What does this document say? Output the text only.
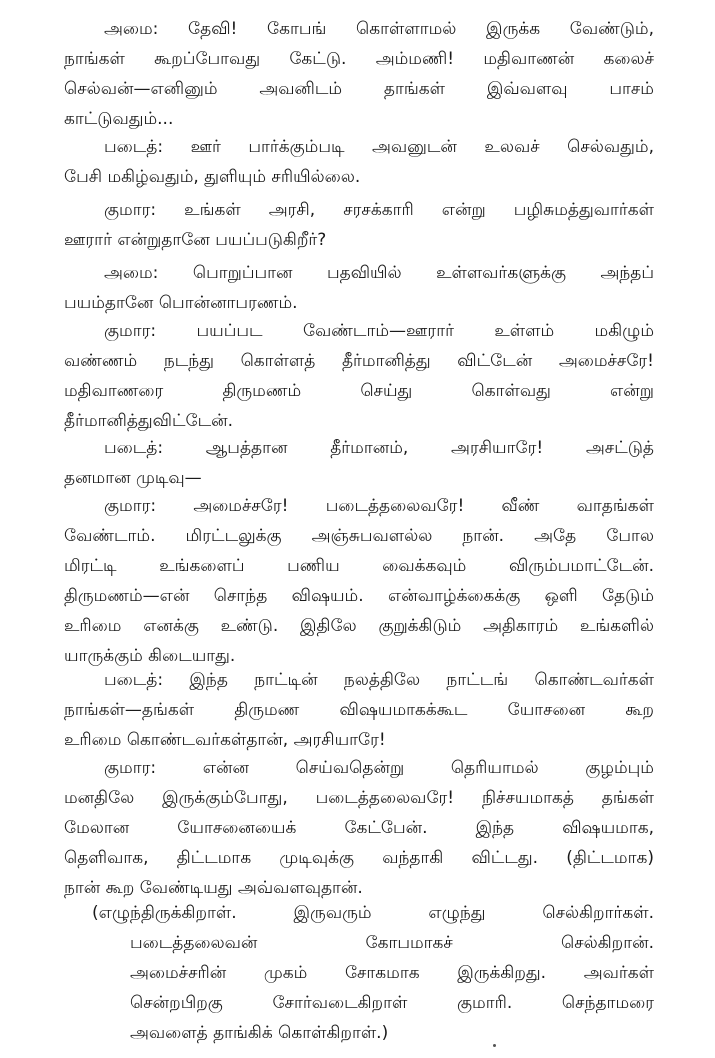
அமை: தேவி! கோபங் கொள்ளாமல் இருக்க வேண்டும்,
நாங்கள் கூறப்போவது கேட்டு. அம்மணி! மதிவாணன் கலைச்
செல்வன்—எனினும் அவனிடம் தாங்கள் இவ்வளவு பாசம்
காட்டுவதும்...

படைத்: ஊர் பார்க்கும்படி அவனுடன் உலவச் செல்வதும்,
பேசி மகிழ்வதும், துளியும் சரியில்லை.

குமார: உங்கள் அரசி, சரசக்காரி என்று பழிசுமத்துவார்கள்
ஊரார் என்றுதானே பயப்படுகிறீர்?

அமை: பொறுப்பான பதவியில் உள்ளவர்களுக்கு அந்தப்
பயம்தானே பொன்னாபரணம்.

குமார: பயப்பட வேண்டாம்—ஊரார் உள்ளம் மகிழும்
வண்ணம் நடந்து கொள்ளத் தீர்மானித்து விட்டேன் அமைச்சரே!
மதிவாணரை திருமணம் செய்து கொள்வது என்று
தீர்மானித்துவிட்டேன்.

படைத்: ஆபத்தான தீர்மானம், அரசியாரே! அசட்டுத்
தனமான முடிவு—

குமார: அமைச்சரே! படைத்தலைவரே! வீண் வாதங்கள்
வேண்டாம். மிரட்டலுக்கு அஞ்சுபவளல்ல நான். அதே போல
மிரட்டி உங்களைப் பணிய வைக்கவும் விரும்பமாட்டேன்.
திருமணம்—என் சொந்த விஷயம். என்வாழ்க்கைக்கு ஒளி தேடும்
உரிமை எனக்கு உண்டு. இதிலே குறுக்கிடும் அதிகாரம் உங்களில்
யாருக்கும் கிடையாது.

படைத்: இந்த நாட்டின் நலத்திலே நாட்டங் கொண்டவர்கள்
நாங்கள்—தங்கள் திருமண விஷயமாகக்கூட யோசனை கூற
உரிமை கொண்டவர்கள்தான், அரசியாரே!

குமார: என்ன செய்வதென்று தெரியாமல் குழம்பும்
மனதிலே இருக்கும்போது, படைத்தலைவரே! நிச்சயமாகத் தங்கள்
மேலான யோசனையைக் கேட்பேன். இந்த விஷயமாக,
தெளிவாக, திட்டமாக முடிவுக்கு வந்தாகி விட்டது. (திட்டமாக)
நான் கூற வேண்டியது அவ்வளவுதான்.

(எழுந்திருக்கிறாள். இருவரும் எழுந்து செல்கிறார்கள்.
படைத்தலைவன் கோபமாகச் செல்கிறான்.
அமைச்சரின் முகம் சோகமாக இருக்கிறது. அவர்கள்
சென்றபிறகு சோர்வடைகிறாள் குமாரி. செந்தாமரை
அவளைத் தாங்கிக் கொள்கிறாள்.)
